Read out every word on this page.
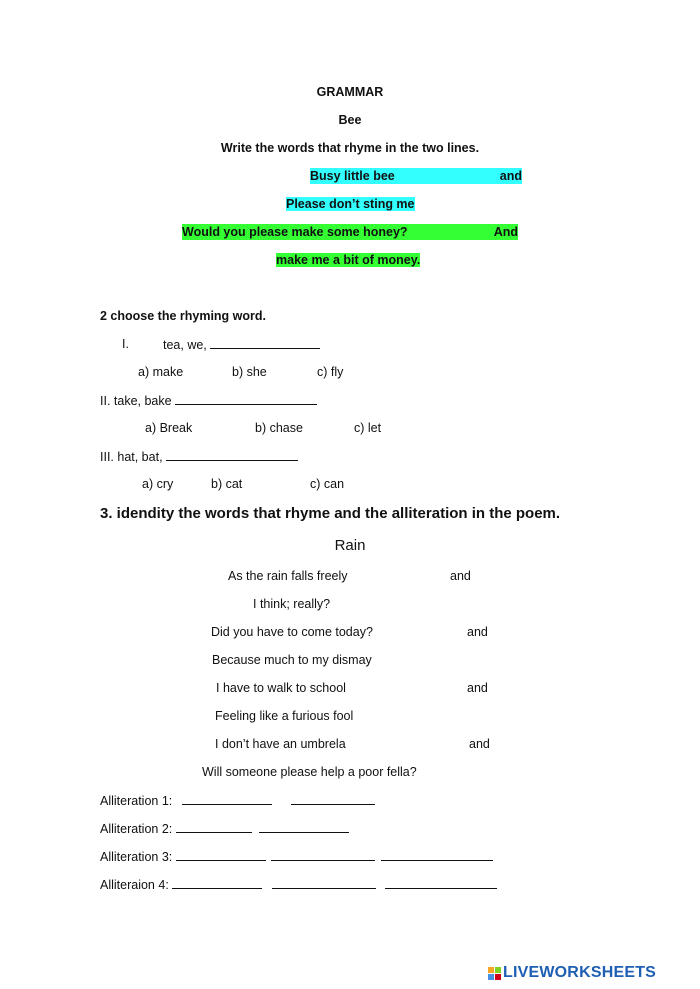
GRAMMAR
Bee
Write the words that rhyme in the two lines.
Busy little bee	and
Please don’t sting me
Would you please make some honey?	And
make me a bit of money.
2 choose the rhyming word.
I.	tea, we,
a) make	b) she	c) fly
II. take, bake
a) Break	b) chase	c) let
III. hat, bat,
a) cry	b) cat	c) can
3. idendity the words that rhyme and the alliteration in the poem.
Rain
As the rain falls freely	and
I think; really?
Did you have to come today?	and
Because much to my dismay
I have to walk to school	and
Feeling like a furious fool
I don’t have an umbrela	and
Will someone please help a poor fella?
Alliteration 1:
Alliteration 2:
Alliteration 3:
Alliteraion 4:
LIVEWORKSHEETS
